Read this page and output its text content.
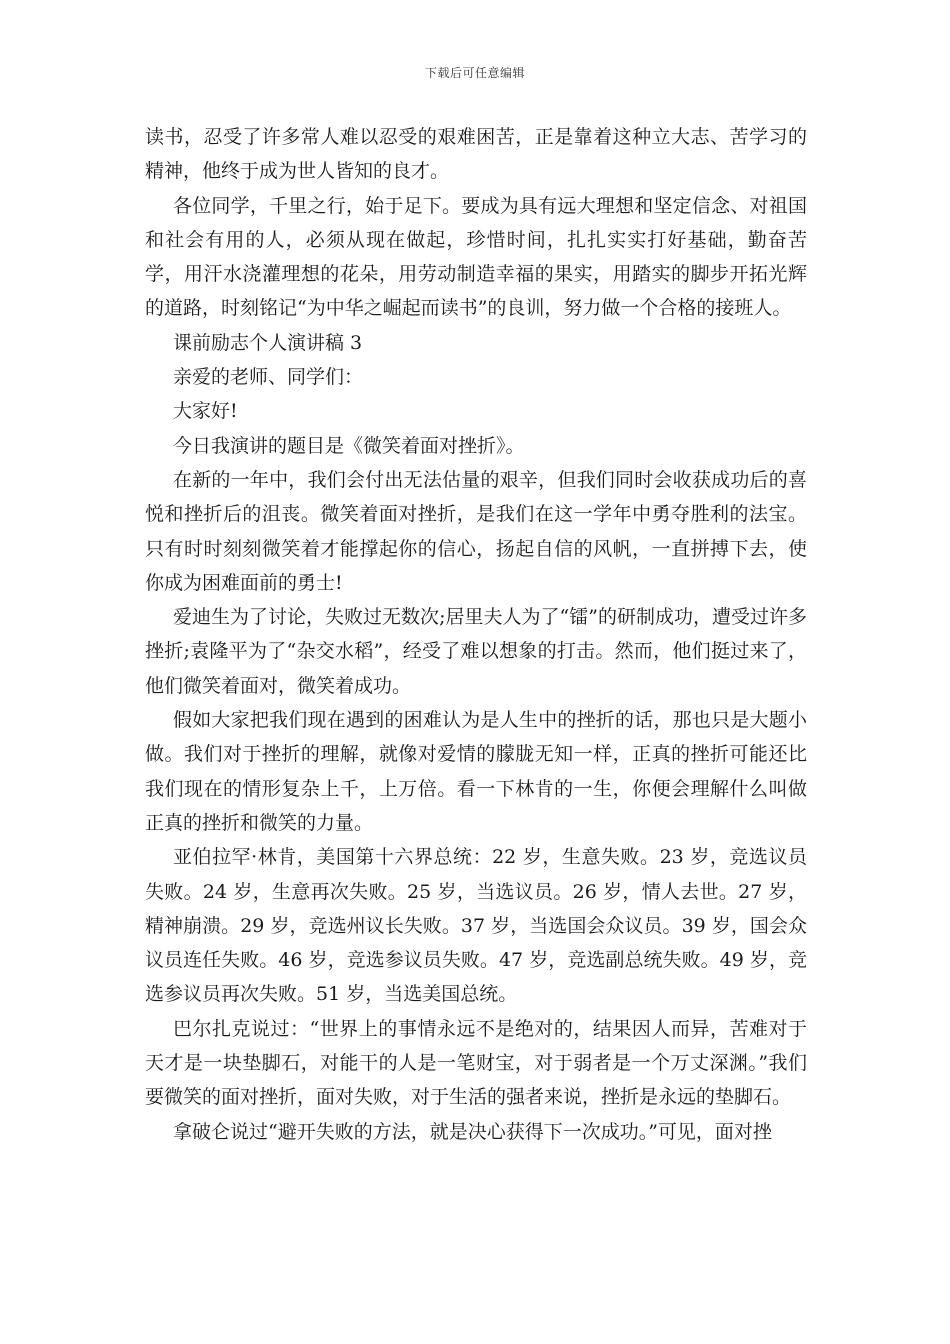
下载后可任意编辑

读书，忍受了许多常人难以忍受的艰难困苦，正是靠着这种立大志、苦学习的精神，他终于成为世人皆知的良才。

各位同学，千里之行，始于足下。要成为具有远大理想和坚定信念、对祖国和社会有用的人，必须从现在做起，珍惜时间，扎扎实实打好基础，勤奋苦学，用汗水浇灌理想的花朵，用劳动制造幸福的果实，用踏实的脚步开拓光辉的道路，时刻铭记“为中华之崛起而读书”的良训，努力做一个合格的接班人。

课前励志个人演讲稿 3

亲爱的老师、同学们：

大家好!

今日我演讲的题目是《微笑着面对挫折》。

在新的一年中，我们会付出无法估量的艰辛，但我们同时会收获成功后的喜悦和挫折后的沮丧。微笑着面对挫折，是我们在这一学年中勇夺胜利的法宝。只有时时刻刻微笑着才能撑起你的信心，扬起自信的风帆，一直拼搏下去，使你成为困难面前的勇士!

爱迪生为了讨论，失败过无数次;居里夫人为了“镭”的研制成功，遭受过许多挫折;袁隆平为了“杂交水稻”，经受了难以想象的打击。然而，他们挺过来了，他们微笑着面对，微笑着成功。

假如大家把我们现在遇到的困难认为是人生中的挫折的话，那也只是大题小做。我们对于挫折的理解，就像对爱情的朦胧无知一样，正真的挫折可能还比我们现在的情形复杂上千，上万倍。看一下林肯的一生，你便会理解什么叫做正真的挫折和微笑的力量。

亚伯拉罕·林肯，美国第十六界总统：22 岁，生意失败。23 岁，竞选议员失败。24 岁，生意再次失败。25 岁，当选议员。26 岁，情人去世。27 岁，精神崩溃。29 岁，竞选州议长失败。37 岁，当选国会众议员。39 岁，国会众议员连任失败。46 岁，竞选参议员失败。47 岁，竞选副总统失败。49 岁，竞选参议员再次失败。51 岁，当选美国总统。

巴尔扎克说过：“世界上的事情永远不是绝对的，结果因人而异，苦难对于天才是一块垫脚石，对能干的人是一笔财宝，对于弱者是一个万丈深渊。”我们要微笑的面对挫折，面对失败，对于生活的强者来说，挫折是永远的垫脚石。

拿破仑说过“避开失败的方法，就是决心获得下一次成功。”可见，面对挫
